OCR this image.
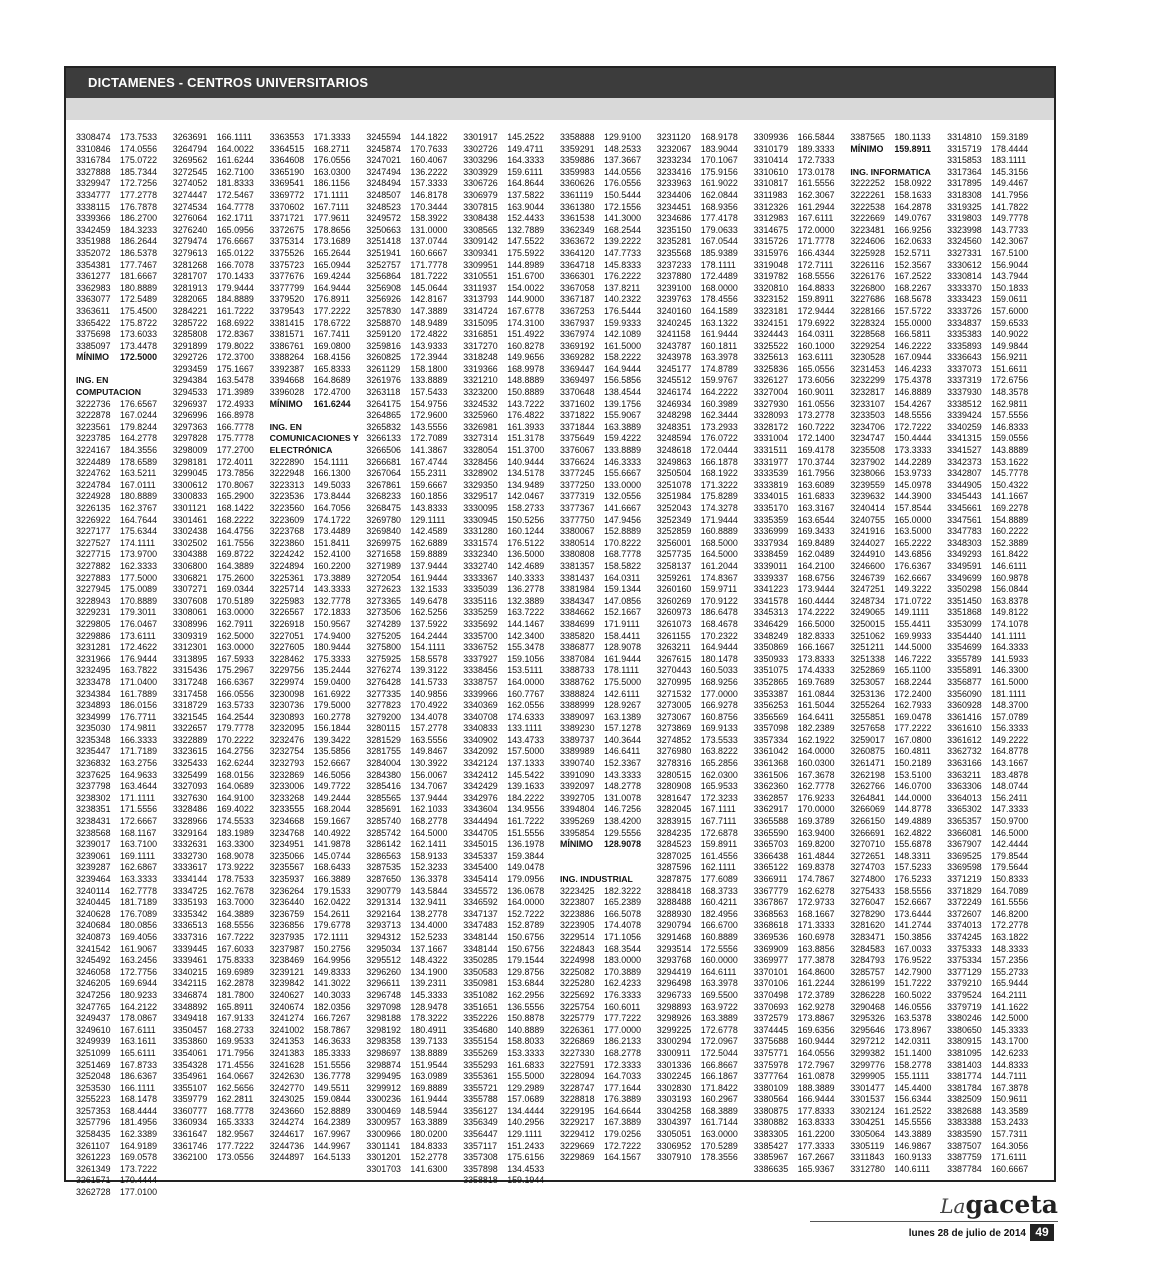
DICTAMENES - CENTROS UNIVERSITARIOS
3308474	173.7533
3310846	174.0556
3316784	175.0722
3327888	185.7344
3329947	172.7256
3334777	177.2778
3338115	176.7878
3339366	186.2700
3342459	184.3233
3351988	186.2644
3352072	186.5378
3354381	177.7467
3361277	181.6667
3362983	180.8889
3363077	172.5489
3363611	175.4500
3365422	175.8722
3375698	173.6033
3385097	173.4478
MÍNIMO	172.5000
ING. EN
COMPUTACION
3222736	176.6567
3222878	167.0244
3223561	179.8244
3223785	164.2778
3224167	184.3556
3224489	178.6589
3224762	163.5211
3224784	167.0111
3224928	180.8889
3226135	162.3767
3226922	164.7644
3227177	175.6344
3227527	174.1111
3227715	173.9700
3227882	162.3333
3227883	177.5000
3227945	175.0089
3228943	170.8889
3229231	179.3011
3229805	176.0467
3229886	173.6111
3231281	172.4622
3231966	176.9444
3232495	163.7822
3233478	171.0400
3234384	161.7889
3234893	186.0156
3234999	176.7711
3235030	174.9811
3235348	166.3333
3235447	171.7189
3236832	163.2756
3237625	164.9633
3237798	163.4644
3238302	171.1111
3238351	171.5556
3238431	172.6667
3238568	168.1167
3239017	163.7100
3239061	169.1111
3239287	162.6867
3239464	163.3333
3240114	162.7778
3240445	181.7189
3240628	176.7089
3240684	180.0856
3240873	169.4056
3241542	161.9067
3245492	163.2456
3246058	172.7756
3246205	169.6944
3247256	180.9233
3247765	164.2122
3249437	178.0867
3249610	167.6111
3249939	163.1611
3251099	165.6111
3251469	167.8733
3252048	186.6367
3253530	166.1111
3255223	168.1478
3257353	168.4444
3257796	181.4956
3258435	162.3389
3261107	164.9189
3261223	169.0578
3261349	173.7222
3261571	170.4444
3262728	177.0100
3263691	166.1111
3264794	164.0022
3269562	161.6244
3272545	162.7100
3274052	181.8333
3274447	172.5467
3274534	164.7778
3276064	162.1711
3276240	165.0956
3279474	176.6667
3279613	165.0122
3281268	166.7078
3281707	170.1433
3281913	179.9444
3282065	184.8889
3284221	161.7222
3285722	168.6922
3285808	172.8367
3291899	179.8022
3292726	172.3700
3293459	175.1667
3294384	163.5478
3294533	171.3989
3296937	172.4933
3296996	166.8978
3297363	166.7778
3297828	175.7778
3298009	177.2700
3298181	172.4011
3299045	173.7856
3300612	170.8067
3300833	165.2900
3301121	168.1422
3301461	168.2222
3302438	164.4756
3302502	161.7556
3304388	169.8722
3306800	164.3889
3306821	175.2600
3307271	169.0344
3307608	170.5189
3308061	163.0000
3308996	162.7911
3309319	162.5000
3312301	163.0000
3313895	167.5933
3315436	175.2967
3317248	166.6367
3317458	166.0556
3318729	163.5733
3321545	164.2544
3322657	179.7778
3322889	170.2222
3323615	164.2756
3325433	162.6244
3325499	168.0156
3327093	164.0689
3327630	164.9100
3328486	169.4022
3328966	174.5533
3329164	183.1989
3332631	163.3300
3332730	168.9078
3333617	173.9222
3334144	178.7533
3334725	162.7678
3335193	163.7000
3335342	164.3889
3336513	168.5556
3337316	167.7222
3339445	167.6033
3339461	175.8333
3340215	169.6989
3342115	162.2878
3346874	181.7800
3348892	165.8911
3349418	167.9133
3350457	168.2733
3353860	169.9533
3354061	171.7956
3354328	171.4556
3354961	164.0667
3355107	162.5656
3359779	162.2811
3360777	168.7778
3360934	165.3333
3361647	182.9567
3361746	177.7222
3362100	173.0556
3363553	171.3333
3364515	168.2711
3364608	176.0556
3365190	163.0300
3369541	186.1156
3369772	171.1111
3370602	167.7111
3371721	177.9611
3372675	178.8656
3375314	173.1689
3375526	165.2644
3375723	165.0944
3377676	169.4244
3377799	164.9444
3379520	176.8911
3379543	177.2222
3381415	178.6722
3381571	167.7411
3386761	169.0800
3388264	168.4156
3392387	165.8333
3394668	164.8689
3396028	172.4700
MÍNIMO	161.6244
ING. EN
COMUNICACIONES Y
ELECTRÓNICA
3222890	154.1111
3222948	166.1300
3223313	149.5033
3223536	173.8444
3223560	164.7056
3223609	174.1722
3223768	173.4489
3223860	151.8411
3224242	152.4100
3224894	160.2200
3225361	173.3889
3225714	143.3333
3225983	132.7778
3226567	172.1833
3226918	150.9567
3227051	174.9400
3227605	180.9444
3228462	175.3333
3229756	135.2444
3229974	159.0400
3230098	161.6922
3230736	179.5000
3230893	160.2778
3232095	156.1844
3232476	139.3422
3232754	135.5856
3232793	152.6667
3232869	146.5056
3233006	149.7722
3233268	149.2444
3233555	168.2044
3234668	159.1667
3234768	140.4922
3234951	141.9878
3235066	145.0744
3235567	168.6433
3235937	166.3889
3236264	179.1533
3236440	162.0422
3236759	154.2611
3236856	179.6778
3237935	172.1111
3237987	150.2756
3238469	164.9956
3239121	149.8333
3239842	141.3022
3240627	140.3033
3240674	182.0356
3241274	166.7267
3241002	158.7867
3241353	146.3633
3241383	185.3333
3241628	151.5556
3242630	136.7778
3242770	149.5511
3243025	159.0844
3243660	152.8889
3244274	164.2389
3244617	167.9967
3244736	144.9967
3244897	164.5133
3245594	144.1822
3245874	170.7633
3247021	160.4067
3247494	136.2222
3248494	157.3333
3248507	146.8178
3248523	170.3444
3249572	158.3922
3250663	131.0000
3251418	137.0744
3251941	160.6667
3252757	171.7778
3256864	181.7222
3256908	145.0644
3256926	142.8167
3257830	147.3889
3258870	148.9489
3259120	172.4822
3259816	143.9333
3260825	172.3944
3261129	158.1800
3261976	133.8889
3263118	157.5433
3264175	154.9756
3264865	172.9600
3265832	143.5556
3266133	172.7089
3266506	141.3867
3266681	167.4744
3267064	155.2311
3267861	159.6667
3268233	160.1856
3268475	143.8333
3269780	129.1111
3269840	142.4589
3269975	162.6889
3271658	159.8889
3271989	137.9444
3272054	161.9444
3272623	132.1533
3273365	149.6478
3273506	162.5256
3274289	137.5922
3275205	164.2444
3275800	154.1111
3275925	158.5578
3276274	139.3122
3276428	141.5733
3277335	140.9856
3277823	170.4922
3279200	134.4078
3280115	157.2778
3281529	163.5556
3281755	149.8467
3284004	130.3922
3284380	156.0067
3285416	134.7067
3285565	137.9444
3285691	162.1033
3285740	168.2778
3285742	164.5000
3286142	162.1411
3286563	158.9133
3287535	152.3233
3287650	136.3378
3290779	143.5844
3291314	132.9411
3292164	138.2778
3293713	134.4000
3294312	152.5233
3295034	137.1667
3295512	148.4322
3296260	134.1900
3296611	139.2311
3296748	145.3333
3297098	128.9478
3298188	178.3222
3298192	180.4911
3298358	139.7133
3298697	138.8889
3298874	151.9544
3299495	163.0989
3299912	169.8889
3300236	161.9444
3300469	148.5944
3300957	163.3889
3300966	180.0200
3301141	184.8333
3301201	152.2778
3301703	141.6300
3301917	145.2522
3302726	149.4711
3303296	164.3333
3303929	159.6111
3306726	164.8644
3306979	137.5822
3307815	163.9044
3308438	152.4433
3308565	132.7889
3309142	147.5522
3309341	175.5922
3309951	144.8989
3310551	151.6700
3311937	154.0022
3313793	144.9000
3314724	167.6778
3315095	174.3100
3316851	151.4922
3317270	160.8278
3318248	149.9656
3319366	168.9978
3321210	148.8889
3323200	150.8889
3324532	143.7222
3325960	176.4822
3326981	161.3933
3327314	151.3178
3328054	151.3700
3328456	140.9444
3328902	134.5178
3329350	134.9489
3329517	142.0467
3330095	158.2733
3330945	150.5256
3331280	160.1244
3331574	176.5122
3332340	136.5000
3332740	142.4689
3333367	140.3333
3335039	136.2778
3335116	132.3889
3335259	163.7222
3335692	144.1467
3335700	142.3400
3336752	155.3478
3337927	159.1056
3338456	153.5111
3338757	164.0000
3339966	160.7767
3340369	162.0556
3340708	174.6333
3340833	133.1111
3340902	143.4733
3342092	157.5000
3342124	137.1333
3342412	145.5422
3342429	139.1633
3342976	184.2222
3343604	134.9556
3344494	161.7222
3344705	151.5556
3345015	136.1978
3345337	159.3844
3345400	149.0478
3345414	179.0956
3345572	136.0678
3346592	164.0000
3347137	152.7222
3347483	152.8789
3348144	150.6756
3348144	150.6756
3350285	179.1544
3350583	129.8756
3350981	153.6844
3351082	162.2956
3351651	136.5556
3352226	150.8878
3354680	140.8889
3355154	158.8033
3355269	153.3333
3355293	161.6833
3355361	155.5000
3355721	129.2989
3355788	157.0689
3356127	134.4444
3356349	140.2956
3356447	129.1111
3357117	151.2433
3357308	175.6156
3357898	134.4533
3358818	159.1944
3358888	129.9100
3359291	148.2533
3359886	137.3667
3359983	144.0556
3360626	176.0556
3361119	150.5444
3361380	172.1556
3361538	141.3000
3362349	168.2544
3363672	139.2222
3364120	147.7733
3364718	145.8333
3366301	176.2222
3367058	137.8211
3367187	140.2322
3367253	176.5444
3367937	159.9333
3367974	142.1089
3369192	161.5000
3369282	158.2222
3369447	164.9444
3369497	156.5856
3370648	138.4544
3371602	139.1756
3371822	155.9067
3371844	163.3889
3375649	159.4222
3376067	133.8889
3376624	146.3333
3377245	155.6667
3377250	133.0000
3377319	132.0556
3377367	141.6667
3377750	147.9456
3380067	152.8889
3380514	170.8222
3380808	168.7778
3381357	158.5822
3381437	164.0311
3381984	159.1344
3384347	147.0856
3384662	152.1667
3384699	171.9111
3385820	158.4411
3386877	128.9078
3387084	161.9444
3388733	178.1111
3388762	175.5000
3388824	142.6111
3388999	128.9267
3389097	163.1389
3389230	157.1278
3389737	140.3644
3389989	146.6411
3390740	152.3367
3391090	143.3333
3392097	148.2778
3392705	131.0078
3394804	146.7256
3395269	138.4200
3395854	129.5556
MÍNIMO	128.9078
ING. INDUSTRIAL
3223425	182.3222
3223807	165.2389
3223886	166.5078
3223905	174.4078
3229514	171.1056
3224843	168.3544
3224998	183.0000
3225082	170.3889
3225280	162.4233
3225692	176.3333
3225754	160.6011
3225779	177.7222
3226361	177.0000
3226869	186.2133
3227330	168.2778
3227591	172.3333
3228094	164.7033
3228747	177.1644
3228818	176.3889
3229195	164.6644
3229217	167.3889
3229412	179.0256
3229669	172.7222
3229869	164.1567
3231120	168.9178
3232067	183.9044
3233234	170.1067
3233416	175.9156
3233963	161.9022
3234406	162.0844
3234451	168.9356
3234686	177.4178
3235150	179.0633
3235281	167.0544
3235568	185.9389
3237233	178.1111
3237880	172.4489
3239100	168.0000
3239763	178.4556
3240160	164.1589
3240245	163.1322
3241158	161.9444
3243787	160.1811
3243978	163.3978
3245177	174.8789
3245512	159.9767
3246174	164.2222
3246934	160.3989
3248298	162.3444
3248351	173.2933
3248594	176.0722
3248618	172.0444
3249863	166.1878
3250504	168.1922
3251078	171.3222
3251984	175.8289
3252043	174.3278
3252349	171.9444
3252859	160.8889
3256001	168.5000
3257735	164.5000
3258137	161.2044
3259261	174.8367
3260160	159.9711
3260269	170.9122
3260973	186.6478
3261073	168.4678
3261155	170.2322
3263211	164.9444
3267615	180.1478
3270443	160.5033
3270995	168.9256
3271532	177.0000
3273005	166.9278
3273067	160.8756
3273869	169.9133
3274852	173.5533
3276980	163.8222
3278316	165.2856
3280515	162.0300
3280908	165.9533
3281647	172.3233
3282045	167.1111
3283915	167.7111
3284235	172.6878
3284523	159.8911
3287025	161.4556
3287596	162.1111
3287875	177.6089
3288418	168.3733
3288488	160.4211
3288930	182.4956
3290794	166.6700
3291468	160.8889
3293514	172.5556
3293768	160.0000
3294419	164.6111
3296498	163.3978
3296733	169.5500
3298893	163.9722
3298926	163.3889
3299225	172.6778
3300294	172.0967
3300911	172.5044
3301336	166.8667
3302245	166.1867
3302830	171.8422
3303193	160.2967
3304258	168.3889
3304397	161.7144
3305051	163.0000
3306952	170.5289
3307910	178.3556
3309936	166.5844
3310179	189.3333
3310414	172.7333
3310610	173.0178
3310817	161.5556
3311983	162.3067
3312326	161.2944
3312983	167.6111
3314675	172.0000
3315726	171.7778
3315976	166.4344
3319048	172.7111
3319782	168.5556
3320810	164.8833
3323152	159.8911
3323181	172.9444
3324151	179.6922
3324443	164.0311
3325522	160.1000
3325613	163.6111
3325836	165.0556
3326127	173.6056
3327004	160.9011
3327930	161.0556
3328093	173.2778
3328172	160.7222
3331004	172.1400
3331511	169.4178
3331977	170.3744
3333539	161.7956
3333819	163.6089
3334015	161.6833
3335170	163.3167
3335359	163.6544
3336999	169.3433
3337934	169.8489
3338459	162.0489
3339011	164.2100
3339337	168.6756
3341223	173.9444
3341578	160.4444
3345313	174.2222
3346429	166.5000
3348249	182.8333
3350869	166.1667
3350933	173.8333
3351075	174.4333
3352865	169.7689
3353387	161.0844
3356253	161.5044
3356569	164.6411
3357098	182.2389
3357334	162.1922
3361042	164.0000
3361368	160.0300
3361506	167.3678
3362360	162.7778
3362857	176.9233
3362917	170.0000
3365588	169.3789
3365590	163.9400
3365703	169.8200
3366438	161.4844
3365122	169.8378
3366911	174.7867
3367779	162.6278
3367867	172.9733
3368563	168.1667
3368618	171.3333
3369536	160.6978
3369909	163.8856
3369977	177.3878
3370101	164.8600
3370106	161.2244
3370498	172.3789
3370693	162.9278
3372579	173.8867
3374445	169.6356
3375688	160.9444
3375771	164.0556
3375978	172.7967
3377764	161.0878
3380109	188.3889
3380564	166.9444
3380875	177.8333
3380882	163.8333
3383305	161.2200
3385427	177.3333
3385967	167.2667
3386635	165.9367
3387565	180.1133
MÍNIMO	159.8911
ING. INFORMATICA
3222252	158.0922
3222261	158.1633
3222538	164.2878
3222669	149.0767
3223481	166.9256
3224606	162.0633
3225928	152.5711
3226116	152.3567
3226176	167.2522
3226800	168.2267
3227686	168.5678
3228166	157.5722
3228324	155.0000
3228568	166.5811
3229254	146.2222
3230528	167.0944
3231453	146.4233
3232299	175.4378
3232817	146.8889
3233107	154.4267
3233503	148.5556
3234706	172.7222
3234747	150.4444
3235508	173.3333
3237902	144.2289
3238066	153.9733
3239559	145.0978
3239632	144.3900
3240414	157.8544
3240755	165.0000
3241916	163.5000
3244027	165.2222
3244910	143.6856
3246600	176.6367
3246739	162.6667
3247251	149.3222
3248734	171.0722
3249065	149.1111
3250015	155.4411
3251062	169.9933
3251211	144.5000
3251338	146.7222
3252869	165.1100
3253057	168.2244
3253136	172.2400
3255264	162.7933
3255851	169.0478
3257658	177.2222
3259017	167.0800
3260875	160.4811
3261471	150.2189
3262198	153.5100
3262766	146.0700
3264841	144.0000
3266069	144.8778
3266150	149.4889
3266691	162.4822
3270710	155.6878
3272651	148.3311
3274703	157.5233
3274800	176.5233
3275433	158.5556
3276047	152.6667
3278290	173.6444
3281620	141.2744
3283471	150.3856
3284583	167.0033
3284793	176.9522
3285757	142.7900
3286199	151.7222
3286228	160.5022
3290468	146.0556
3295326	163.5378
3295646	173.8967
3297212	142.0311
3299382	151.1400
3299776	158.2778
3299905	155.1111
3301477	145.4400
3301537	156.6344
3302124	161.2522
3304251	145.5556
3305064	143.3889
3305119	146.9867
3311843	160.9133
3312780	140.6111
3314810	159.3189
3315719	178.4444
3315853	183.1111
3317364	145.3156
3317895	149.4467
3318308	141.7956
3319325	141.7822
3319803	149.7778
3323998	143.7733
3324560	142.3067
3327331	167.5100
3330612	156.9044
3330814	143.7944
3333370	150.1833
3333423	159.0611
3333726	157.6000
3334837	159.6533
3335383	140.9022
3335893	149.9844
3336643	156.9211
3337073	151.6611
3337319	172.6756
3337930	148.3578
3338512	162.9811
3339424	157.5556
3340259	146.8333
3341315	159.0556
3341527	143.8889
3342373	153.1622
3342807	145.7778
3344905	150.4322
3345443	141.1667
3345661	169.2278
3347561	154.8889
3347783	160.2222
3348303	152.3889
3349293	161.8422
3349591	146.6111
3349699	160.9878
3350298	156.0844
3351450	163.8378
3351868	149.8122
3353099	174.1078
3354440	141.1111
3354699	164.3333
3355789	141.5933
3355891	146.3300
3356877	161.5000
3356090	181.1111
3360928	148.3700
3361416	157.0789
3361610	156.3333
3361612	149.2222
3362732	164.8778
3363166	143.1667
3363211	183.4878
3363306	148.0744
3364013	156.2411
3365302	147.3333
3365357	150.9700
3366081	146.5000
3367907	142.4444
3369525	179.8544
3369598	179.5644
3371219	150.8333
3371829	164.7089
3372249	161.5556
3372607	146.8200
3374013	172.2778
3374245	163.1822
3375333	148.3333
3375334	157.2356
3377129	155.2733
3379210	165.9444
3379524	164.2111
3379719	141.1622
3380246	142.5000
3380650	145.3333
3380915	143.1700
3381095	142.6233
3381403	144.8333
3381774	144.7111
3381784	167.3878
3382509	150.9611
3382688	143.3589
3383388	153.2433
3383590	157.7311
3387507	164.3056
3387759	171.6111
3387784	160.6667
Lagaceta
lunes 28 de julio de 2014 49
